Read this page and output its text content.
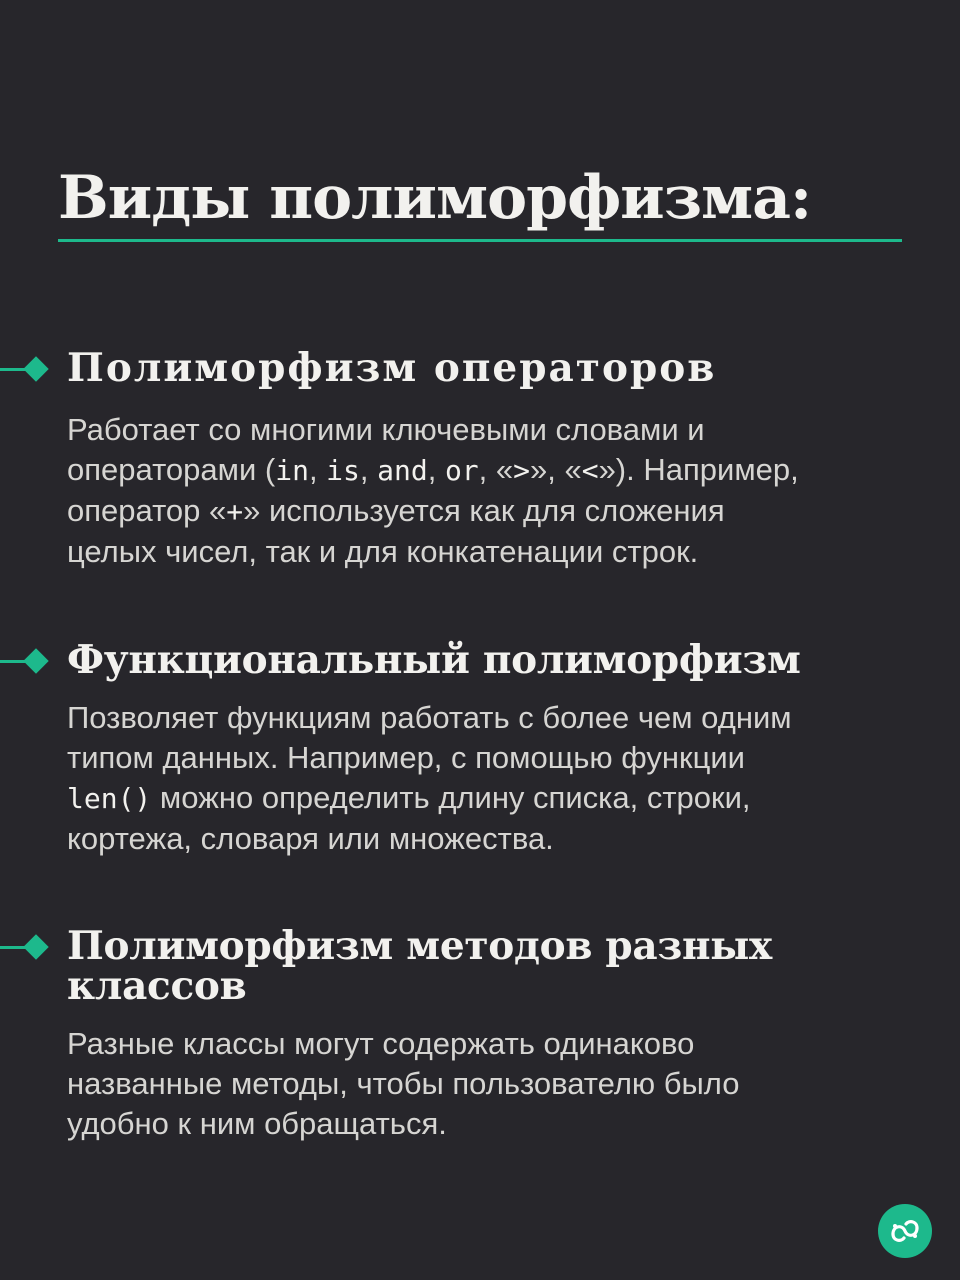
Виды полиморфизма:
Полиморфизм операторов

Работает со многими ключевыми словами и
операторами (in, is, and, or, «>», «<»). Например,
оператор «+» используется как для сложения
целых чисел, так и для конкатенации строк.

Функциональный полиморфизм

Позволяет функциям работать с более чем одним
типом данных. Например, с помощью функции
len() можно определить длину списка, строки,
кортежа, словаря или множества.

Полиморфизм методов разных
классов

Разные классы могут содержать одинаково
названные методы, чтобы пользователю было
удобно к ним обращаться.
